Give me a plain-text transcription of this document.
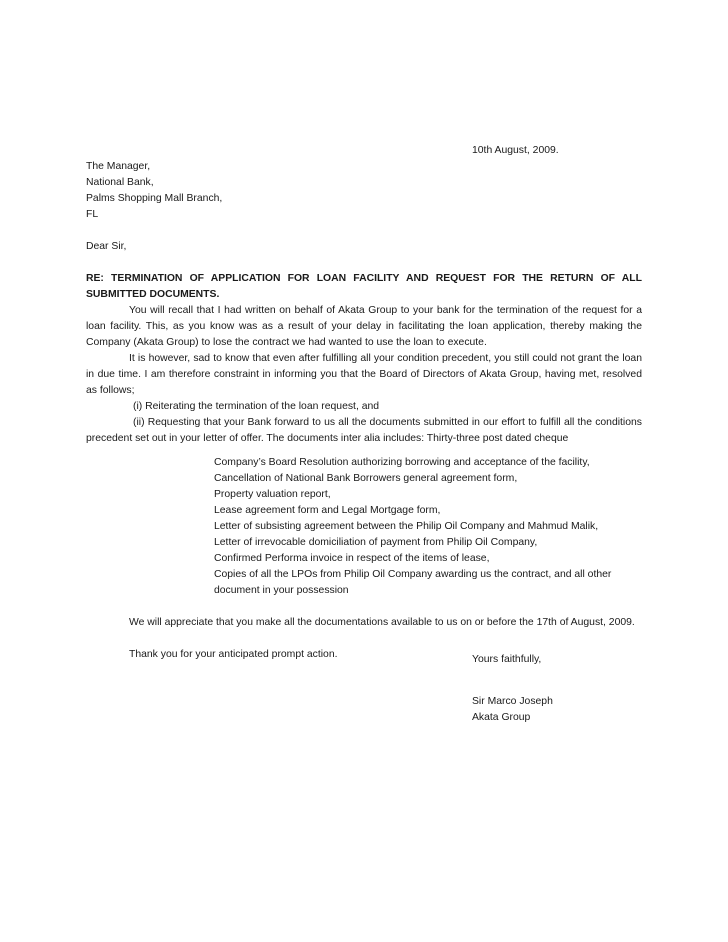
10th August, 2009.
The Manager,
National Bank,
Palms Shopping Mall Branch,
FL
Dear Sir,
RE: TERMINATION OF APPLICATION FOR LOAN FACILITY AND REQUEST FOR THE RETURN OF ALL SUBMITTED DOCUMENTS.

You will recall that I had written on behalf of Akata Group to your bank for the termination of the request for a loan facility. This, as you know was as a result of your delay in facilitating the loan application, thereby making the Company (Akata Group) to lose the contract we had wanted to use the loan to execute.

It is however, sad to know that even after fulfilling all your condition precedent, you still could not grant the loan in due time. I am therefore constraint in informing you that the Board of Directors of Akata Group, having met, resolved as follows;

(i) Reiterating the termination of the loan request, and

(ii) Requesting that your Bank forward to us all the documents submitted in our effort to fulfill all the conditions precedent set out in your letter of offer. The documents inter alia includes: Thirty-three post dated cheque

Company’s Board Resolution authorizing borrowing and acceptance of the facility,
Cancellation of National Bank Borrowers general agreement form,
Property valuation report,
Lease agreement form and Legal Mortgage form,
Letter of subsisting agreement between the Philip Oil Company and Mahmud Malik,
Letter of irrevocable domiciliation of payment from Philip Oil Company,
Confirmed Performa invoice in respect of the items of lease,
Copies of all the LPOs from Philip Oil Company awarding us the contract, and all other document in your possession

We will appreciate that you make all the documentations available to us on or before the 17th of August, 2009.

Thank you for your anticipated prompt action.	Yours faithfully,
Sir Marco Joseph
Akata Group
